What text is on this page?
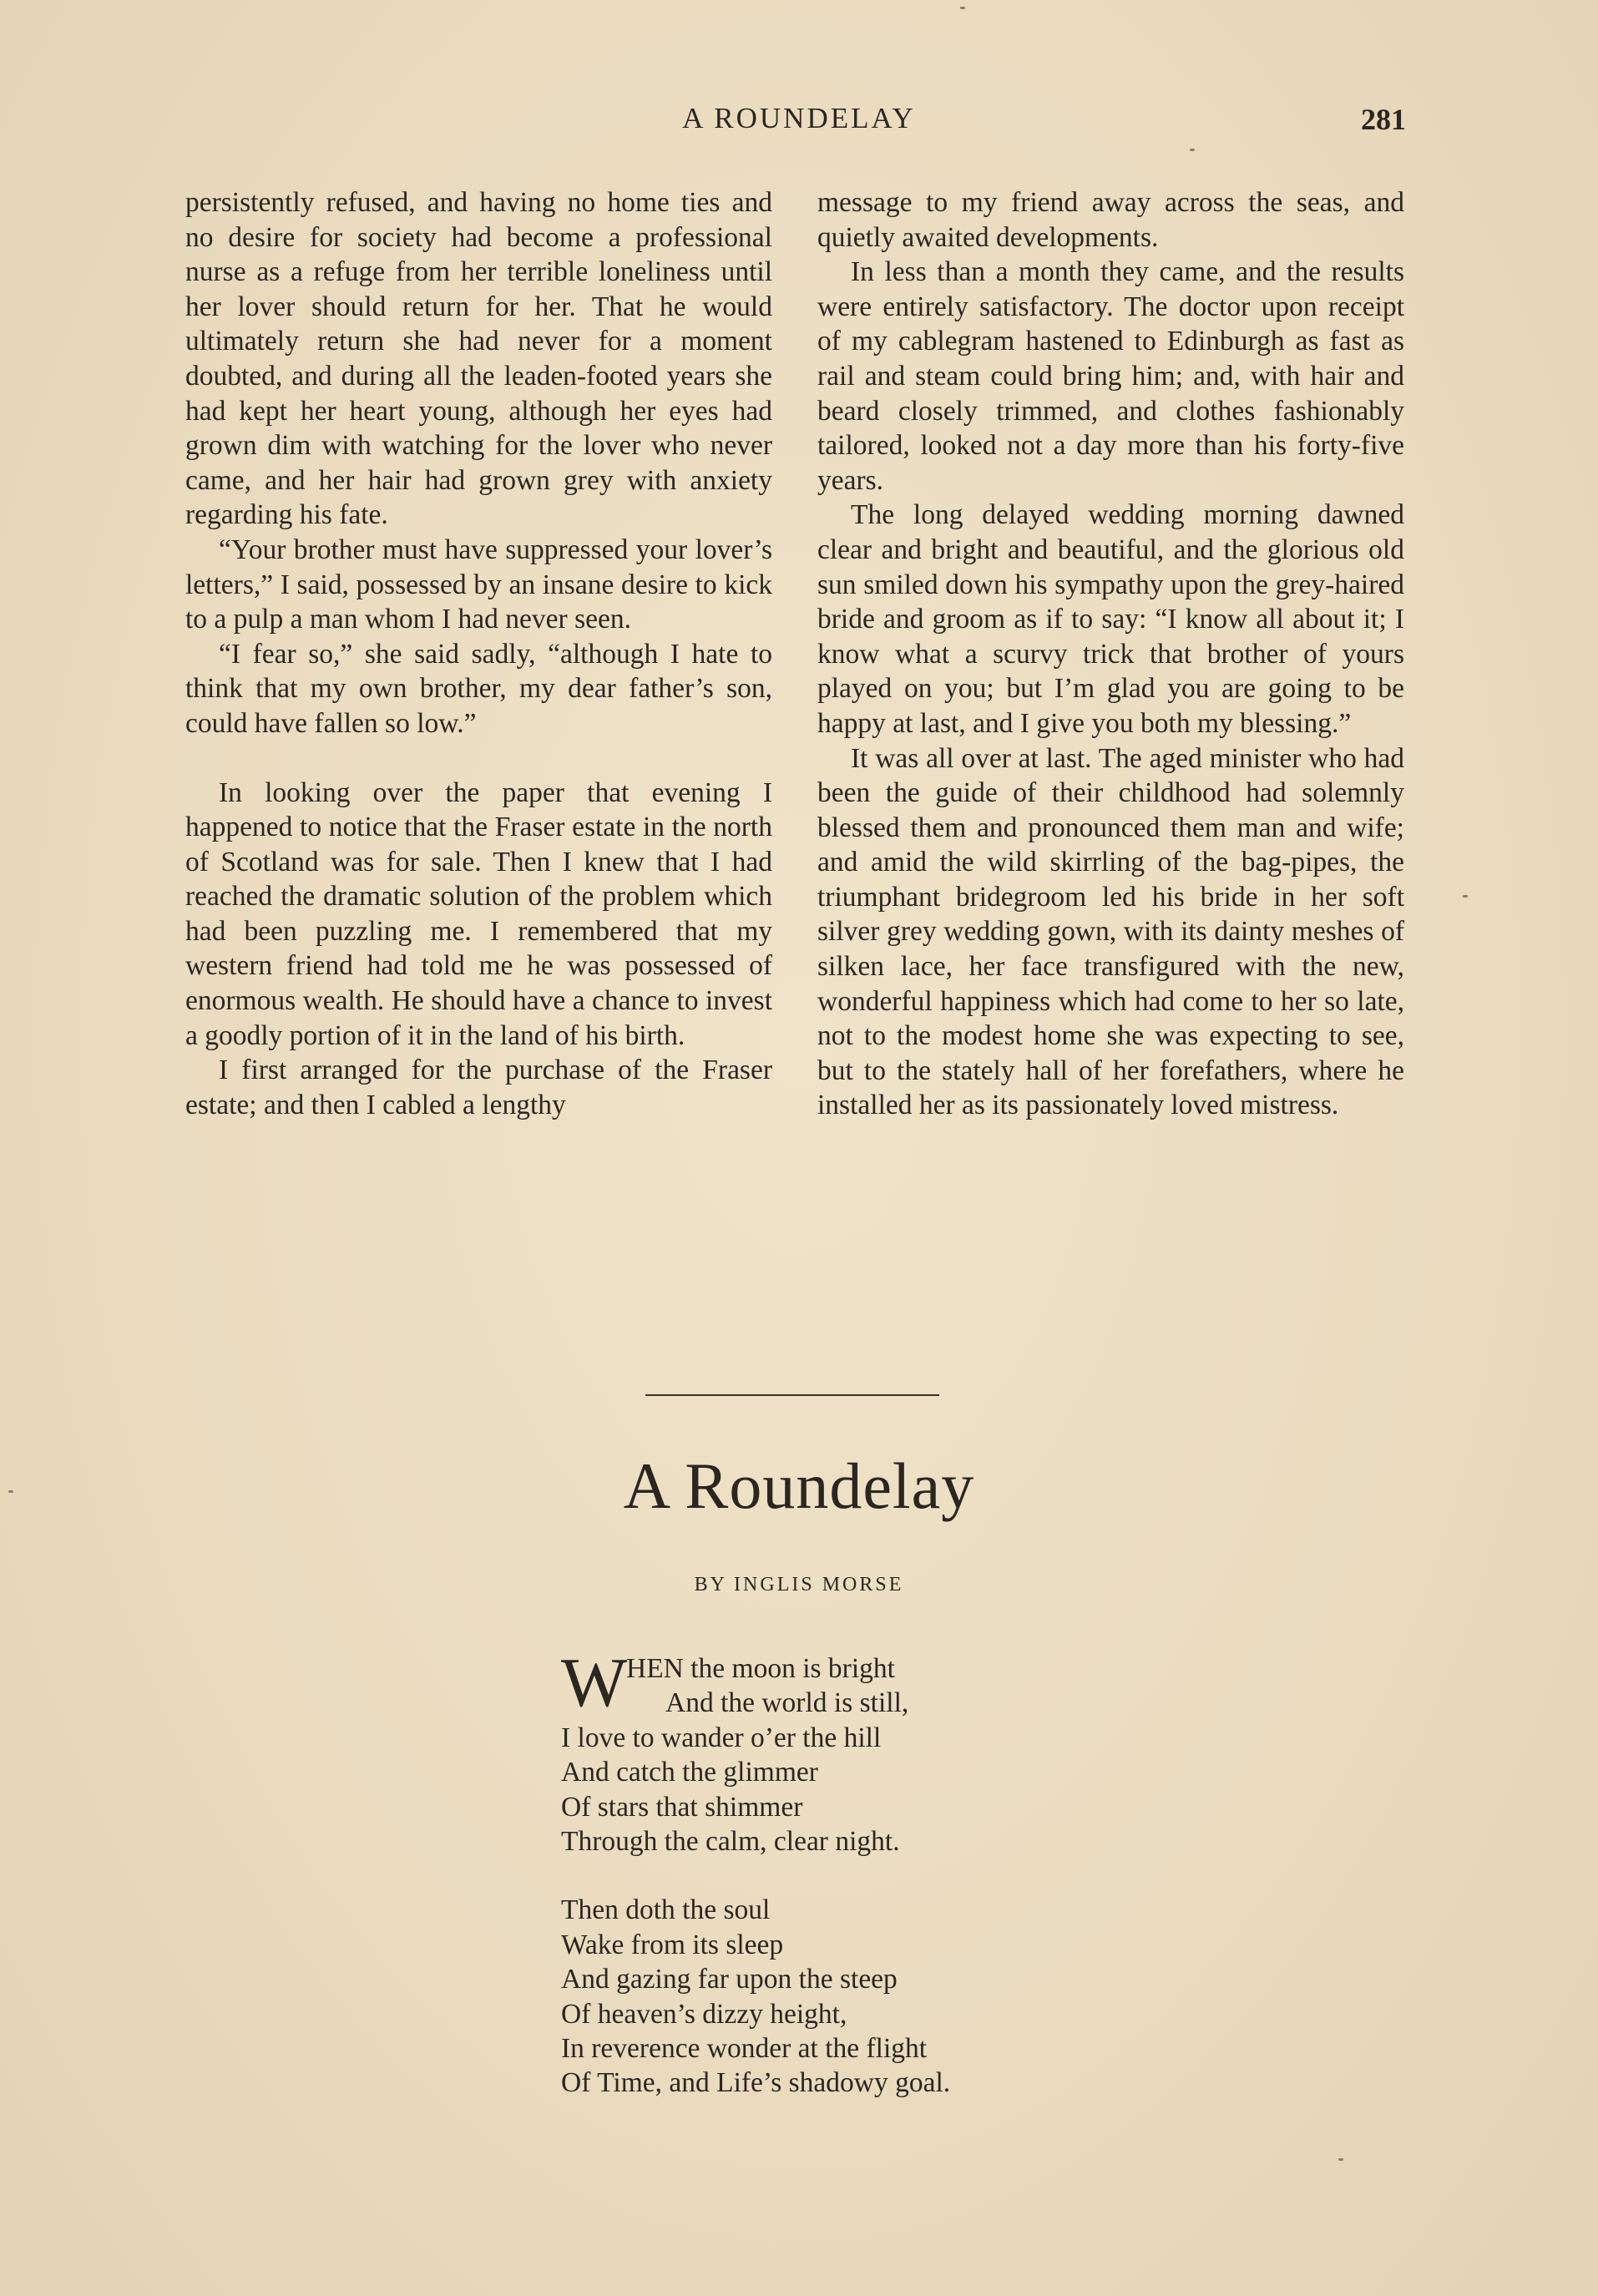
A ROUNDELAY	281

persistently refused, and having no home ties and no desire for society had become a professional nurse as a refuge from her terrible loneliness until her lover should return for her. That he would ultimately return she had never for a moment doubted, and during all the leaden-footed years she had kept her heart young, although her eyes had grown dim with watching for the lover who never came, and her hair had grown grey with anxiety regarding his fate.

“Your brother must have suppressed your lover’s letters,” I said, possessed by an insane desire to kick to a pulp a man whom I had never seen.

“I fear so,” she said sadly, “although I hate to think that my own brother, my dear father’s son, could have fallen so low.”

In looking over the paper that evening I happened to notice that the Fraser estate in the north of Scotland was for sale. Then I knew that I had reached the dramatic solution of the problem which had been puzzling me. I remembered that my western friend had told me he was possessed of enormous wealth. He should have a chance to invest a goodly portion of it in the land of his birth.

I first arranged for the purchase of the Fraser estate; and then I cabled a lengthy

message to my friend away across the seas, and quietly awaited developments.

In less than a month they came, and the results were entirely satisfactory. The doctor upon receipt of my cablegram hastened to Edinburgh as fast as rail and steam could bring him; and, with hair and beard closely trimmed, and clothes fashionably tailored, looked not a day more than his forty-five years.

The long delayed wedding morning dawned clear and bright and beautiful, and the glorious old sun smiled down his sympathy upon the grey-haired bride and groom as if to say: “I know all about it; I know what a scurvy trick that brother of yours played on you; but I’m glad you are going to be happy at last, and I give you both my blessing.”

It was all over at last. The aged minister who had been the guide of their childhood had solemnly blessed them and pronounced them man and wife; and amid the wild skirrling of the bag-pipes, the triumphant bridegroom led his bride in her soft silver grey wedding gown, with its dainty meshes of silken lace, her face transfigured with the new, wonderful happiness which had come to her so late, not to the modest home she was expecting to see, but to the stately hall of her forefathers, where he installed her as its passionately loved mistress.

A Roundelay
BY INGLIS MORSE
W
HEN the moon is bright
And the world is still,
I love to wander o’er the hill
And catch the glimmer
Of stars that shimmer
Through the calm, clear night.
Then doth the soul
Wake from its sleep
And gazing far upon the steep
Of heaven’s dizzy height,
In reverence wonder at the flight
Of Time, and Life’s shadowy goal.
